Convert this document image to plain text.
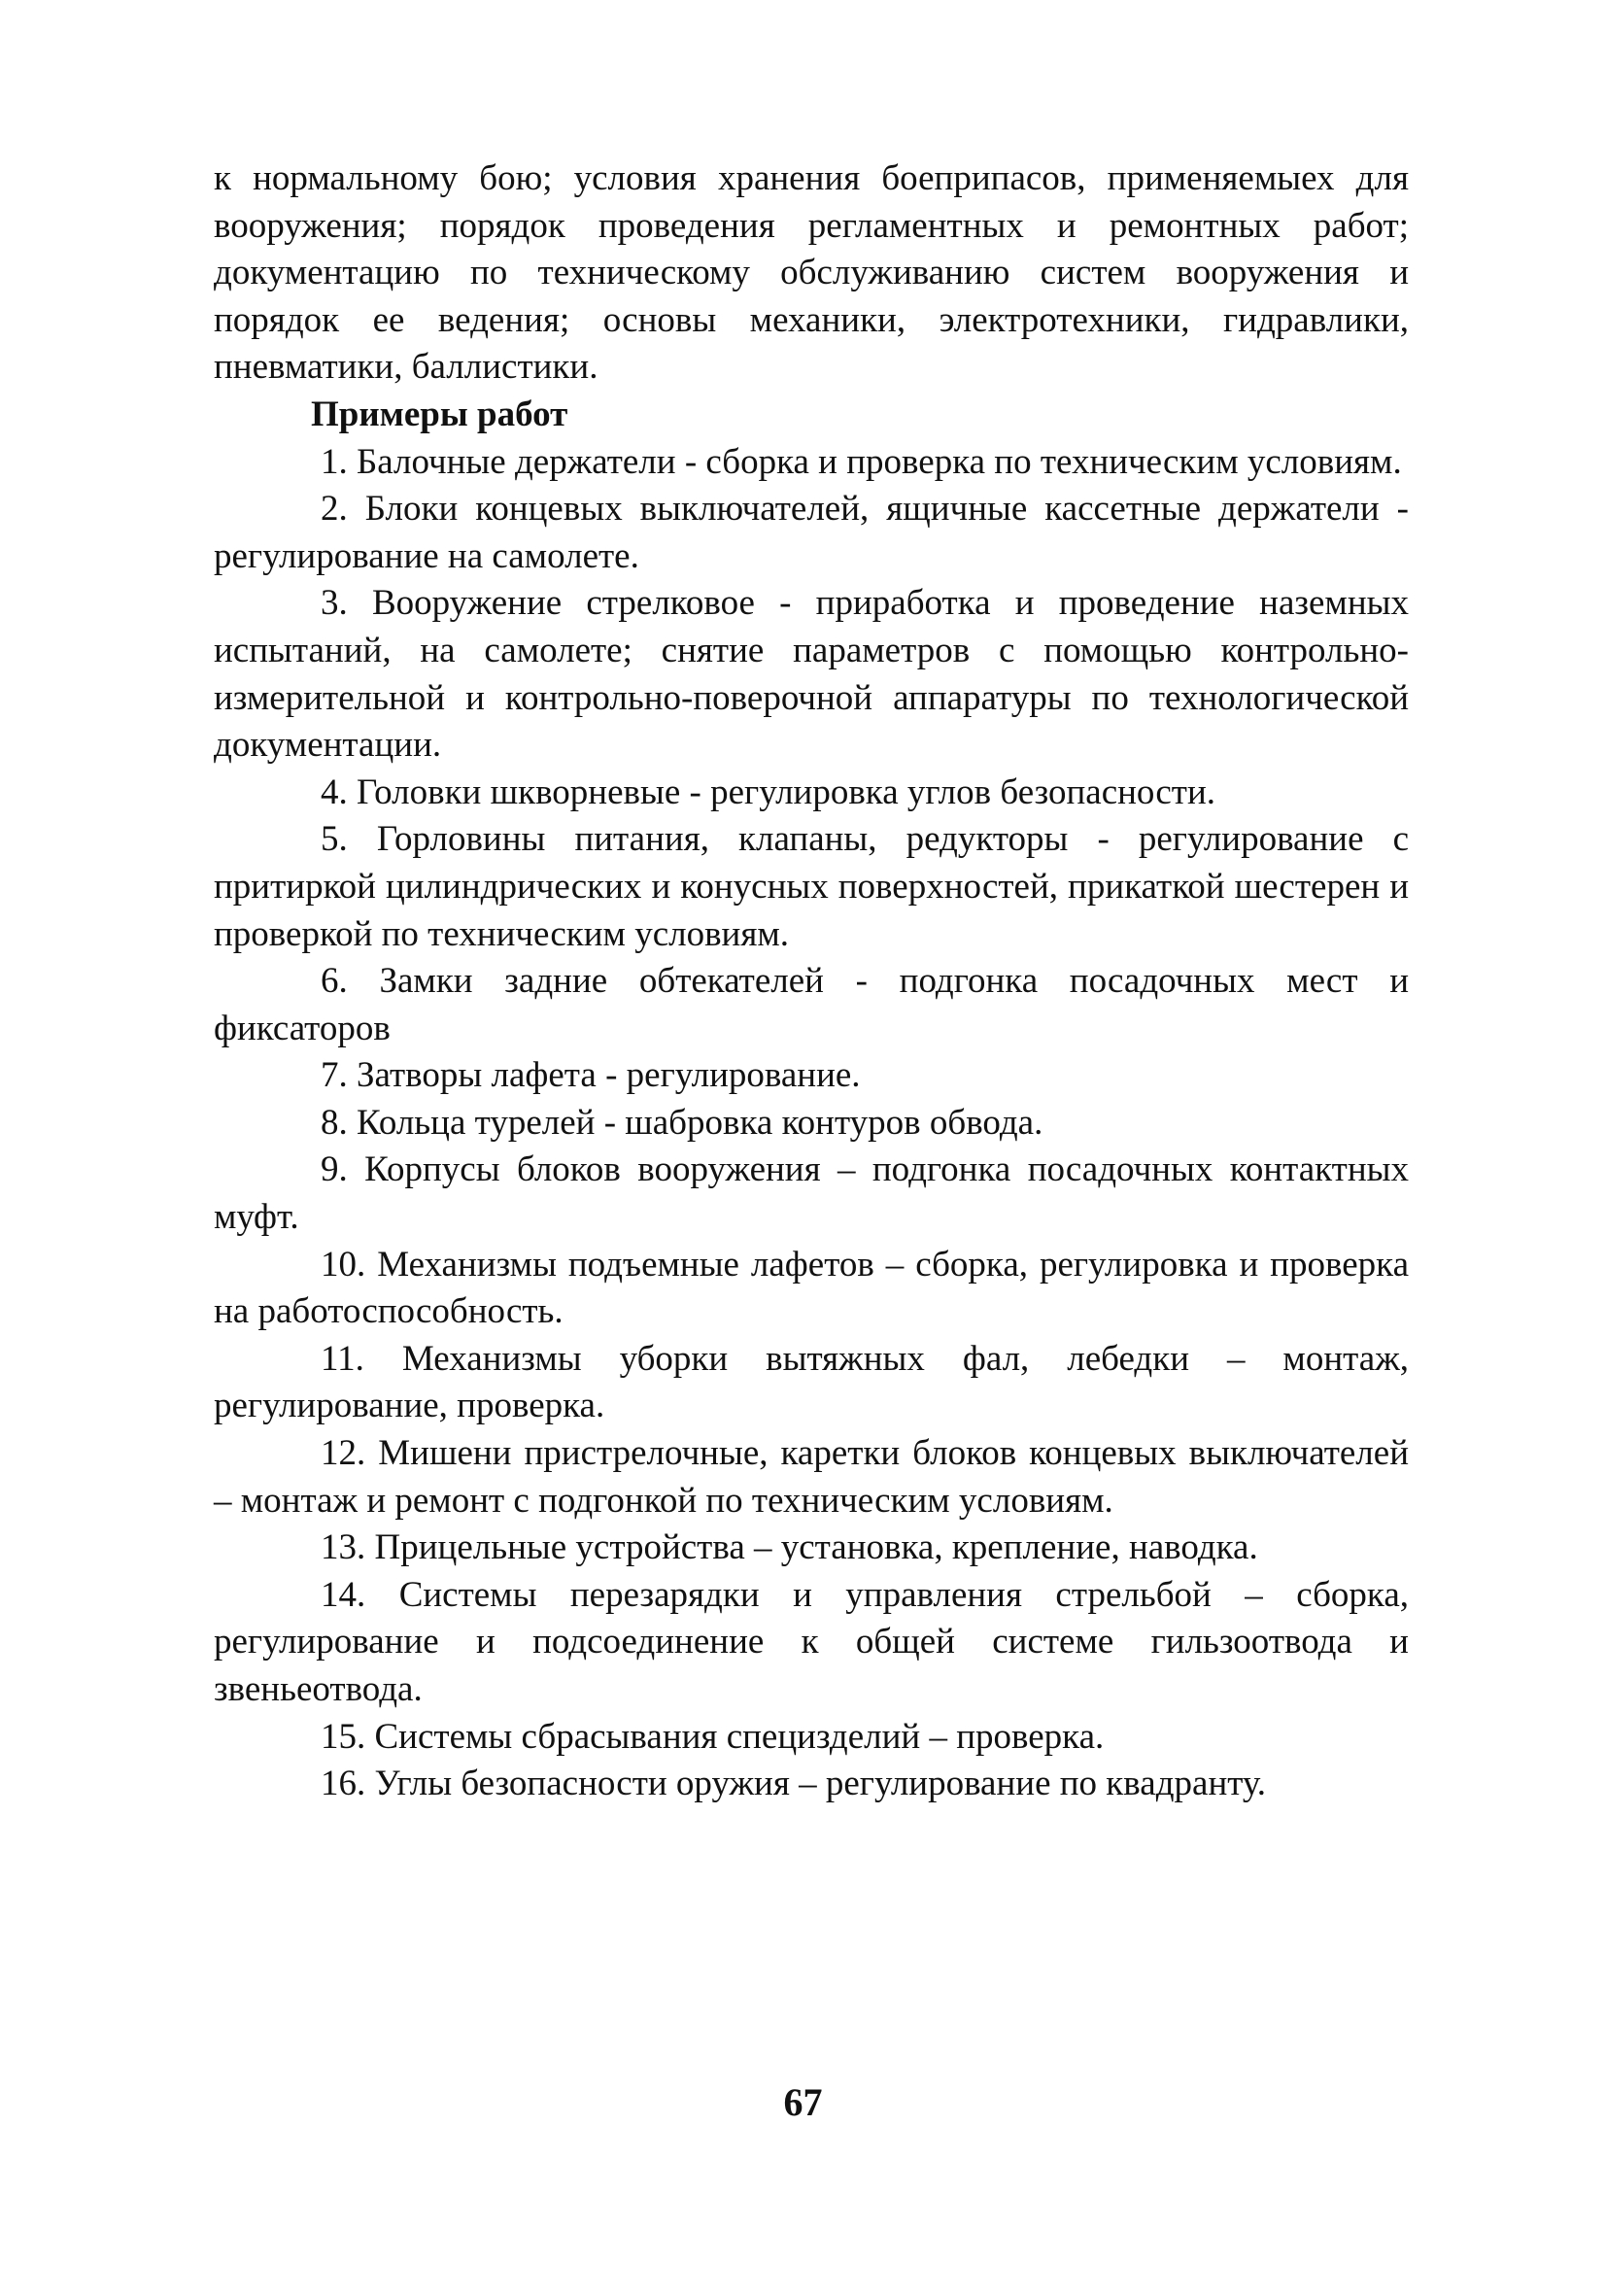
к нормальному бою; условия хранения боеприпасов, применяемыех для вооружения; порядок проведения регламентных и ремонтных работ; документацию по техническому обслуживанию систем вооружения и порядок ее ведения; основы механики, электротехники, гидравлики, пневматики, баллистики.

Примеры работ

1. Балочные держатели - сборка и проверка по техническим условиям.

2. Блоки концевых выключателей, ящичные кассетные держатели - регулирование на самолете.

3. Вооружение стрелковое - приработка и проведение наземных испытаний, на самолете; снятие параметров с помощью контрольно-измерительной и контрольно-поверочной аппаратуры по технологической документации.

4. Головки шкворневые - регулировка углов безопасности.

5. Горловины питания, клапаны, редукторы - регулирование с притиркой цилиндрических и конусных поверхностей, прикаткой шестерен и проверкой по техническим условиям.

6. Замки задние обтекателей - подгонка посадочных мест и фиксаторов

7. Затворы лафета - регулирование.

8. Кольца турелей - шабровка контуров обвода.

9. Корпусы блоков вооружения – подгонка посадочных контактных муфт.

10. Механизмы подъемные лафетов – сборка, регулировка и проверка на работоспособность.

11. Механизмы уборки вытяжных фал, лебедки – монтаж, регулирование, проверка.

12. Мишени пристрелочные, каретки блоков концевых выключателей – монтаж и ремонт с подгонкой по техническим условиям.

13. Прицельные устройства – установка, крепление, наводка.

14. Системы перезарядки и управления стрельбой – сборка, регулирование и подсоединение к общей системе гильзоотвода и звеньеотвода.

15. Системы сбрасывания специзделий – проверка.

16. Углы безопасности оружия – регулирование по квадранту.

67
